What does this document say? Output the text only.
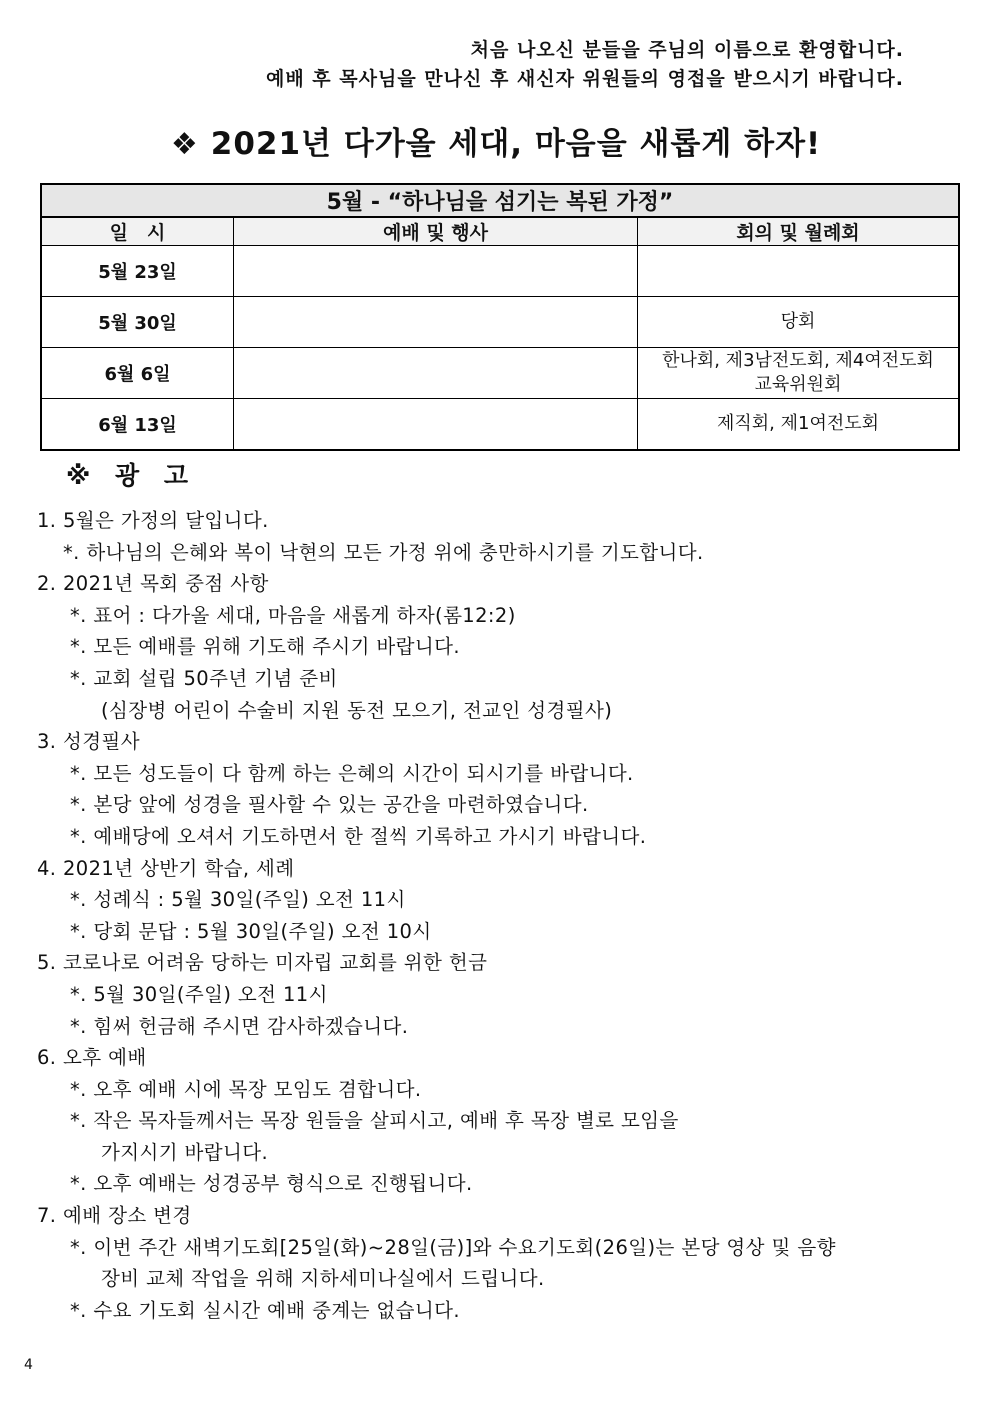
처음 나오신 분들을 주님의 이름으로 환영합니다.
예배 후 목사님을 만나신 후 새신자 위원들의 영접을 받으시기 바랍니다.
❖ 2021년 다가올 세대, 마음을 새롭게 하자!
5월 - “하나님을 섬기는 복된 가정”		
일　시	예배 및 행사	회의 및 월례회
5월 23일		
5월 30일		당회
6월 6일		한나회, 제3남전도회, 제4여전도회
교육위원회
6월 13일		제직회, 제1여전도회
※ 광 고
1. 5월은 가정의 달입니다.
*. 하나님의 은혜와 복이 낙현의 모든 가정 위에 충만하시기를 기도합니다.
2. 2021년 목회 중점 사항
*. 표어 : 다가올 세대, 마음을 새롭게 하자(롬12:2)
*. 모든 예배를 위해 기도해 주시기 바랍니다.
*. 교회 설립 50주년 기념 준비
(심장병 어린이 수술비 지원 동전 모으기, 전교인 성경필사)
3. 성경필사
*. 모든 성도들이 다 함께 하는 은혜의 시간이 되시기를 바랍니다.
*. 본당 앞에 성경을 필사할 수 있는 공간을 마련하였습니다.
*. 예배당에 오셔서 기도하면서 한 절씩 기록하고 가시기 바랍니다.
4. 2021년 상반기 학습, 세례
*. 성례식 : 5월 30일(주일) 오전 11시
*. 당회 문답 : 5월 30일(주일) 오전 10시
5. 코로나로 어려움 당하는 미자립 교회를 위한 헌금
*. 5월 30일(주일) 오전 11시
*. 힘써 헌금해 주시면 감사하겠습니다.
6. 오후 예배
*. 오후 예배 시에 목장 모임도 겸합니다.
*. 작은 목자들께서는 목장 원들을 살피시고, 예배 후 목장 별로 모임을
가지시기 바랍니다.
*. 오후 예배는 성경공부 형식으로 진행됩니다.
7. 예배 장소 변경
*. 이번 주간 새벽기도회[25일(화)~28일(금)]와 수요기도회(26일)는 본당 영상 및 음향
장비 교체 작업을 위해 지하세미나실에서 드립니다.
*. 수요 기도회 실시간 예배 중계는 없습니다.
4
